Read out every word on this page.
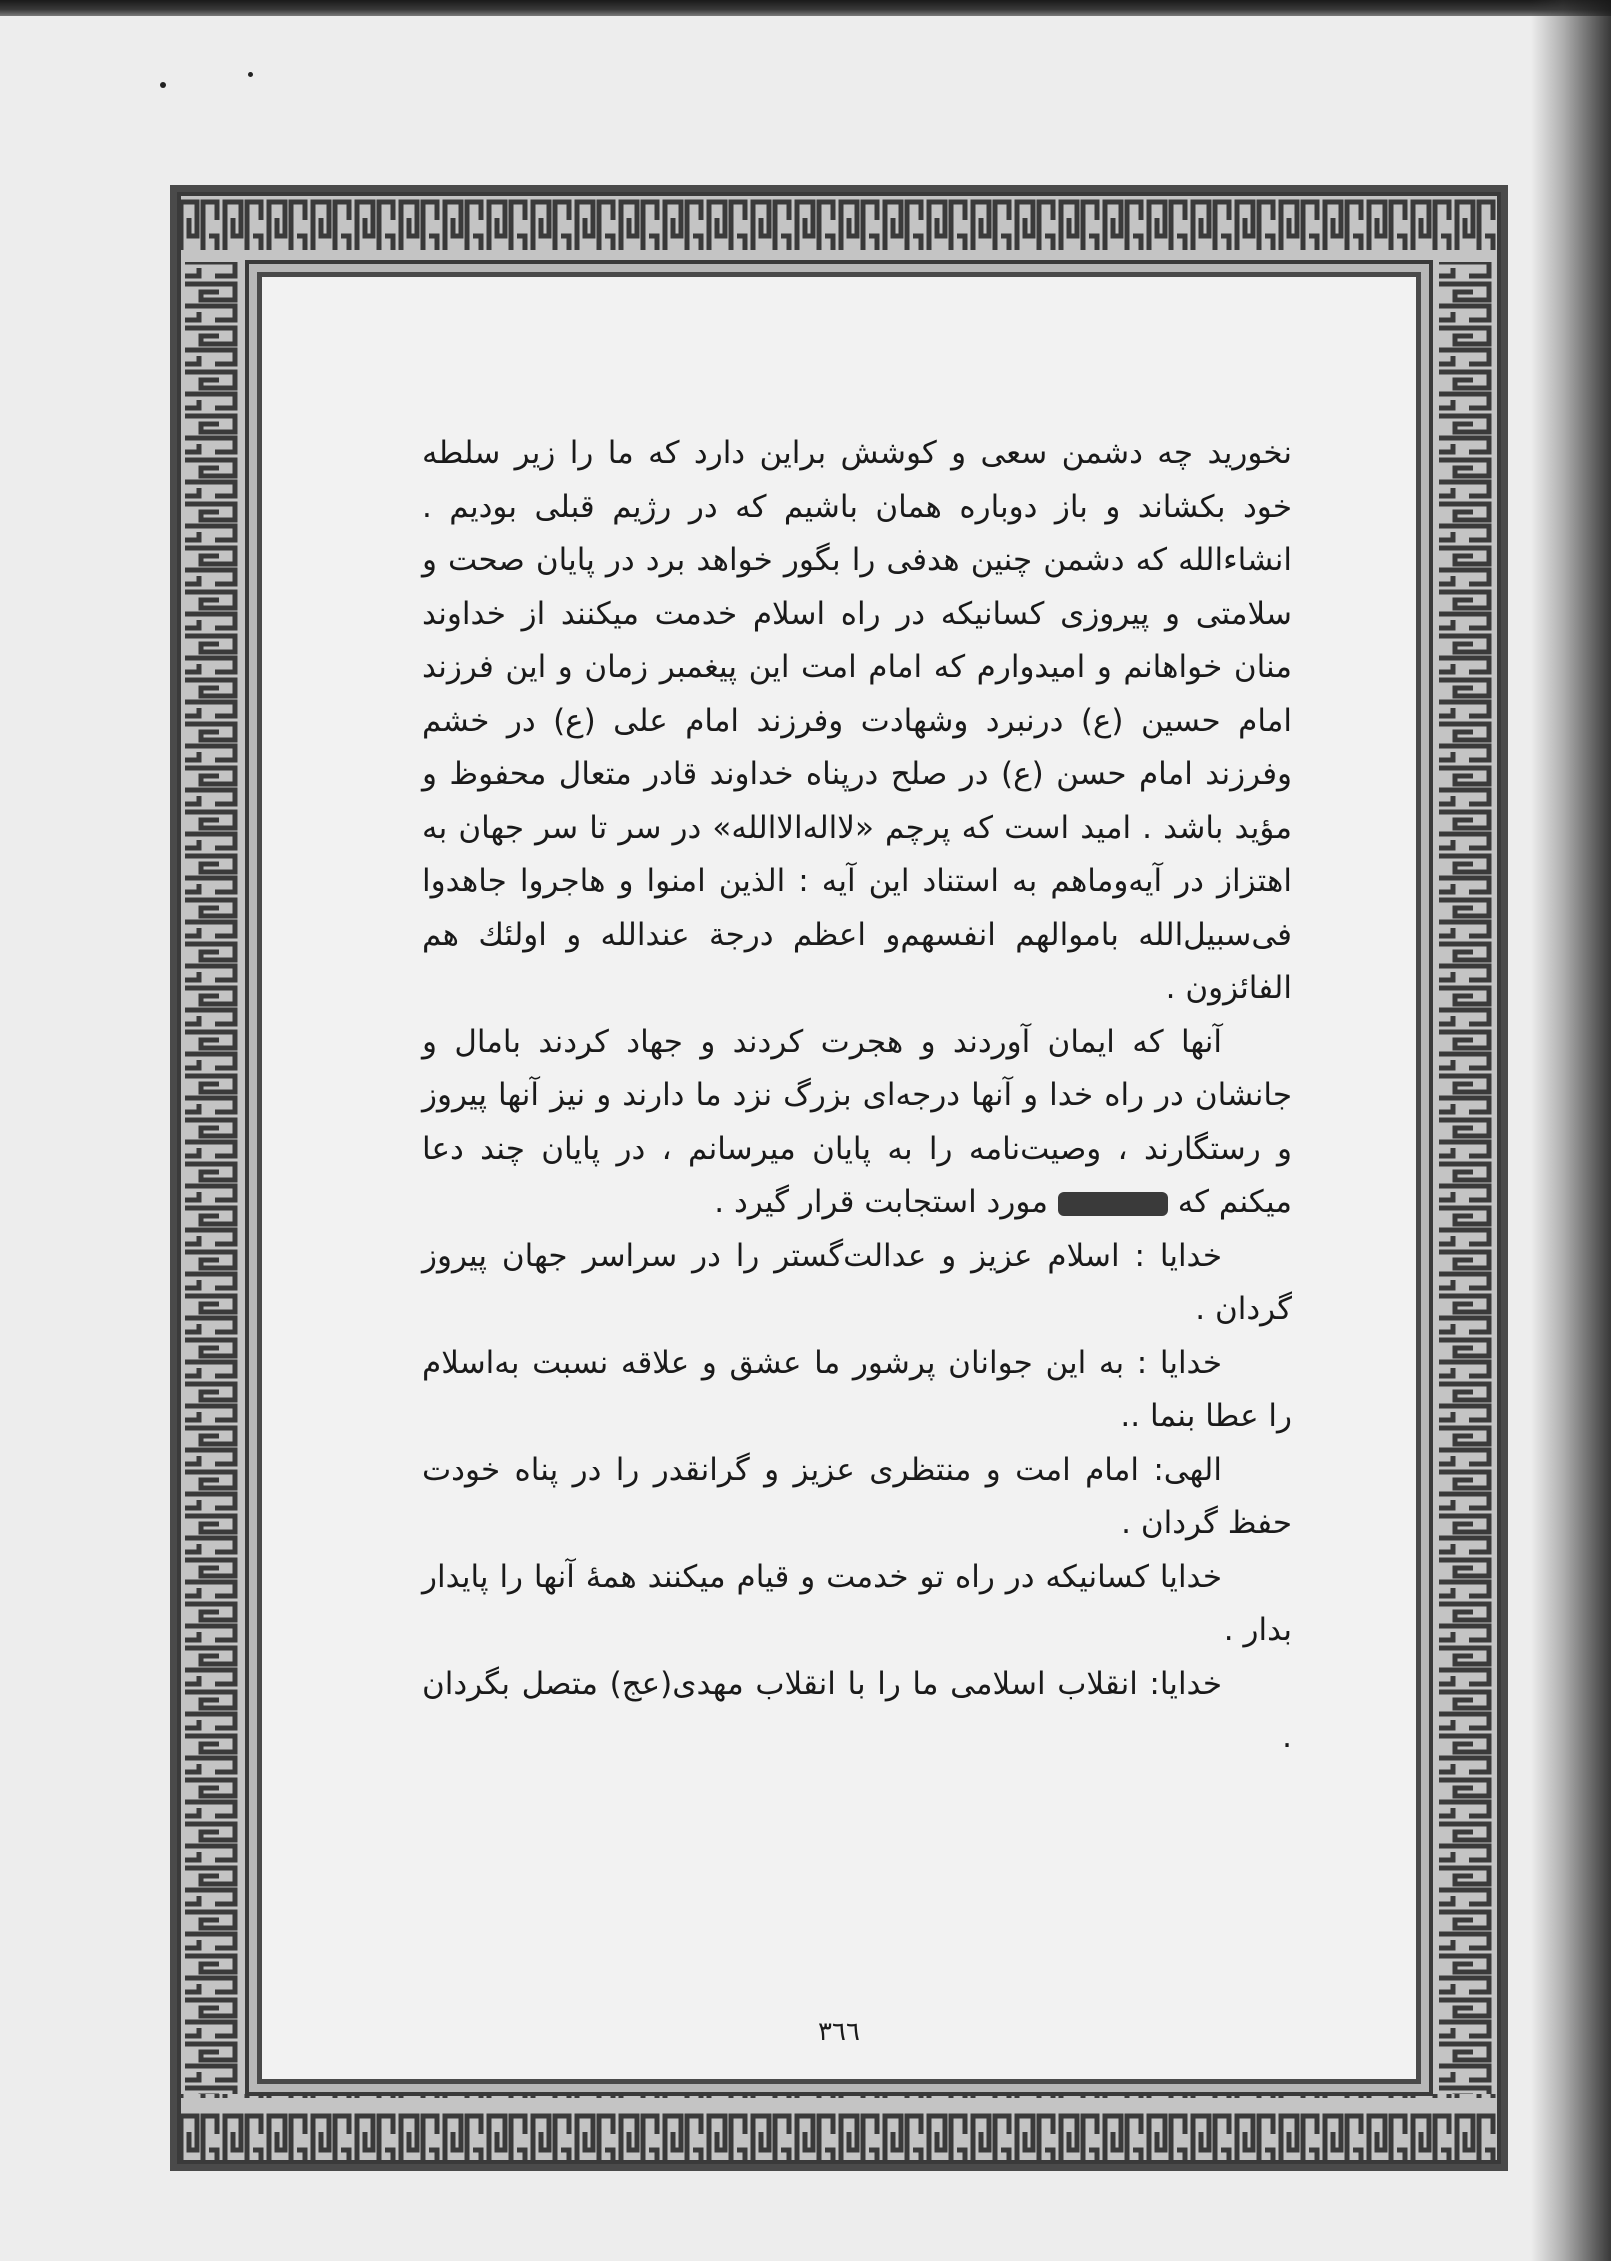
نخورید چه دشمن سعی و کوشش براین دارد که ما را زیر سلطه خود بکشاند و باز دوباره همان باشیم که در رژیم قبلی بودیم . انشاءالله که دشمن چنین هدفی را بگور خواهد برد در پایان صحت و سلامتی و پیروزی کسانیکه در راه اسلام خدمت میکنند از خداوند منان خواهانم و امیدوارم که امام امت این پیغمبر زمان و این فرزند امام حسین (ع) درنبرد وشهادت وفرزند امام علی (ع) در خشم وفرزند امام حسن (ع) در صلح درپناه خداوند قادر متعال محفوظ و مؤید باشد . امید است که پرچم «لااله‌الاالله» در سر تا سر جهان به اهتزاز در آیه‌وماهم به استناد این آیه : الذین امنوا و هاجروا جاهدوا فی‌سبیل‌الله باموالهم انفسهم‌و اعظم درجة عندالله و اولئك هم الفائزون .

آنها که ایمان آوردند و هجرت کردند و جهاد کردند بامال و جانشان در راه خدا و آنها درجه‌ای بزرگ نزد ما دارند و نیز آنها پیروز و رستگارند ، وصیت‌نامه را به پایان میرسانم ، در پایان چند دعا میکنم که  مورد استجابت قرار گیرد .

خدایا : اسلام عزیز و عدالت‌گستر را در سراسر جهان پیروز گردان .

خدایا : به این جوانان پرشور ما عشق و علاقه نسبت به‌اسلام را عطا بنما ..

الهی: امام امت و منتظری عزیز و گرانقدر را در پناه خودت حفظ گردان .

خدایا کسانیکه در راه تو خدمت و قیام میکنند همهٔ آنها را پایدار بدار .

خدایا: انقلاب اسلامی ما را با انقلاب مهدی(عج) متصل بگردان .

٣٦٦
